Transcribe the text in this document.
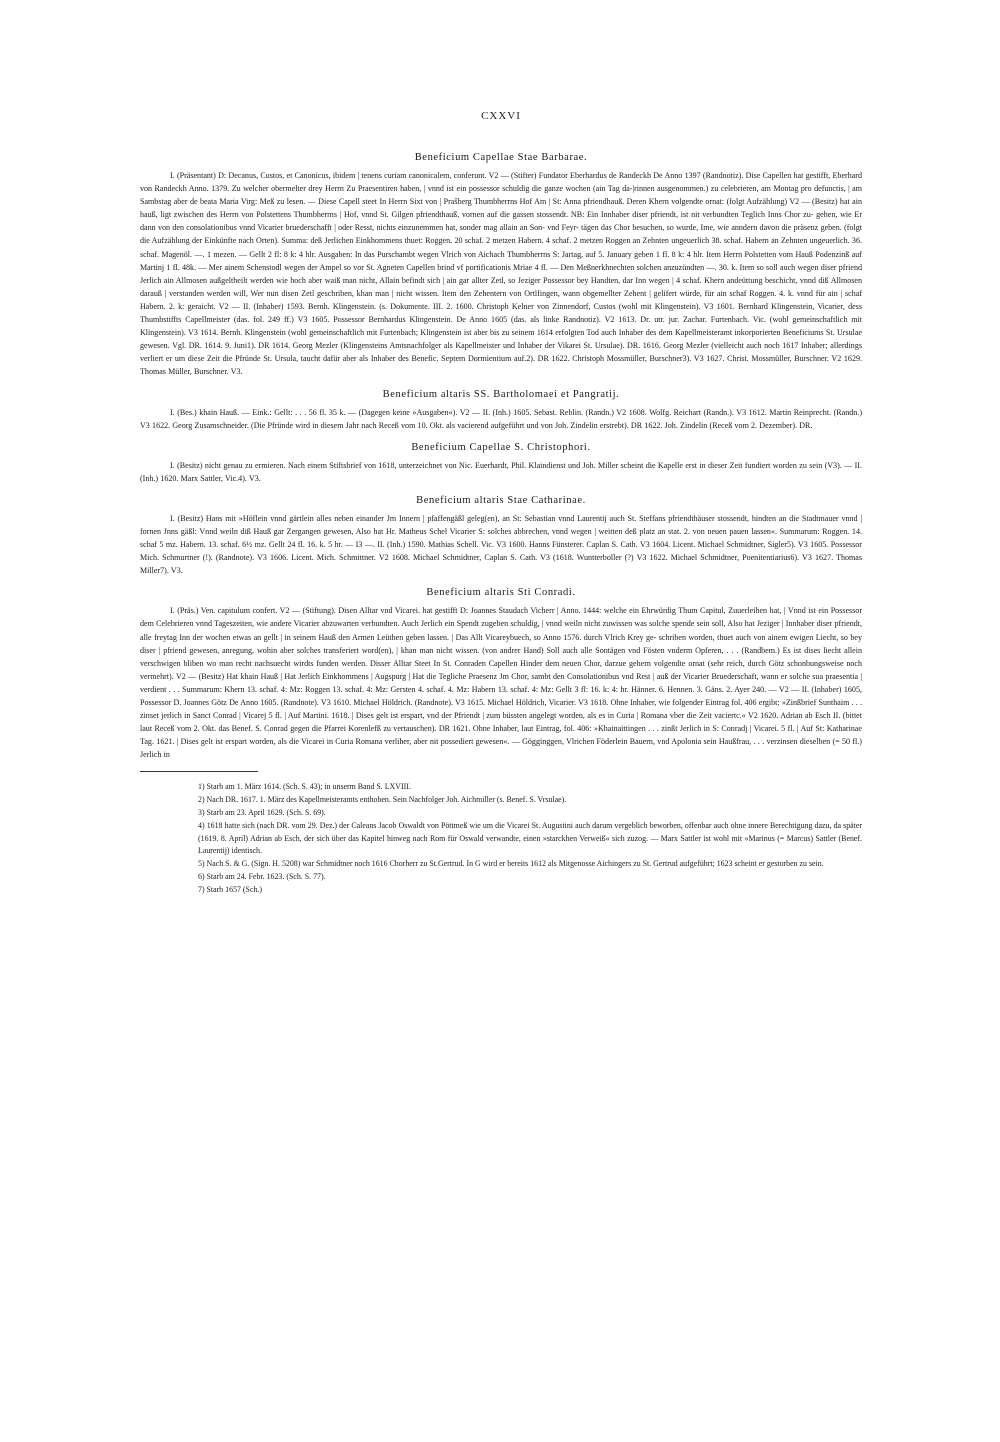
CXXVI
Beneficium Capellae Stae Barbarae.

I. (Präsentant) D: Decanus, Custos, et Canonicus, ibidem | tenens curiam canonicalem, conferunt. V2 — (Stifter) Fundator Eberhardus de Randeckh De Anno 1397 (Randnotiz). Dise Capellen hat gestifft, Eberhard von Randeckh Anno. 1379. Zu welcher obermelter drey Herrn Zu Praesentiren haben, | vnnd ist ein possessor schuldig die ganze wochen (ain Tag da-|rinnen ausgenommen.) zu celebrieren, am Montag pro defunctis, | am Sambstag aber de beata Maria Virg: Meß zu lesen. — Diese Capell steet In Herrn Sixt von | Prašberg Thumbherrns Hof Am | St: Anna pfriendhauß. Deren Khern volgendte ornat: (folgt Aufzählung) V2 — (Besitz) hat ain hauß, ligt zwischen des Herrn von Polstettens Thumbherrns | Hof, vnnd St. Gilgen pfriendthauß, vornen auf die gassen stossendt. NB: Ein Innhaber diser pfriendt, ist nit verbundten Teglich Inns Chor zu- gehen, wie Er dann von den consolationibus vnnd Vicarier bruederschafft | oder Resst, nichts einzunemmen hat, sonder mag allain an Son- vnd Feyr- tägen das Chor besuchen, so wurde, Ime, wie anndern davon die präsenz geben. (folgt die Aufzählung der Einkünfte nach Orten). Summa: deß Jerlichen Einkhommens thuet: Roggen. 20 schaf. 2 metzen Habern. 4 schaf. 2 metzen Roggen an Zehnten ungeuerlich 38. schaf. Habern an Zehnten ungeuerlich. 36. schaf. Magenöl. —. 1 mezen. — Gellt 2 fl: 8 k: 4 hlr. Ausgaben: In das Purschambt wegen Vlrich von Aichach Thumbherrns S: Jartag, auf 5. January geben 1 fl. 8 k: 4 hlr. Item Herrn Polstetten vom Hauß Podenzinß auf Martinj 1 fl. 48k. — Mer ainem Schenstodl wegen der Ampel so vor St. Agneten Capellen brind vf portificationis Mriae 4 fl. — Den Meßnerkhnechten solchen anzuzündten —. 30. k. Item so soll auch wegen diser pfriend Jerlich ain Allmosen außgeltheilt werden wie hoch aber waiß man nicht, Allain befindt sich | ain gar allter Zetl, so Jeziger Possessor bey Handten, dar Inn wegen | 4 schaf. Khern andeüttung beschicht, vnnd diß Allmosen darauß | verstanden werden will, Wer nun disen Zetl geschriben, khan man | nicht wissen. Item den Zehentern von Ortlfingen, wann obgemellter Zehent | gelifert würde, für ain schaf Roggen. 4. k. vnnd für ain | schaf Habern. 2. k: geraicht. V2 — II. (Inhaber) 1593. Bernh. Klingenstein. (s. Dokumente. III. 2. 1600. Christoph Kelner von Zinnendorf, Custos (wohl mit Klingenstein). V3 1601. Bernhard Klingenstein, Vicarier, dess Thumbstiffts Capellmeister (das. fol. 249 ff.) V3 1605. Possessor Bernhardus Klingenstein. De Anno 1605 (das. als linke Randnotiz). V2 1613. Dr. utr. jur. Zachar. Furtenbach. Vic. (wohl gemeinschaftlich mit Klingenstein). V3 1614. Bernh. Klingenstein (wohl gemeinschaftlich mit Furtenbach; Klingenstein ist aber bis zu seinem 1614 erfolgten Tod auch Inhaber des dem Kapellmeisteramt inkorporierten Beneficiums St. Ursulae gewesen. Vgl. DR. 1614. 9. Juni1). DR 1614. Georg Mezler (Klingensteins Amtsnachfolger als Kapellmeister und Inhaber der Vikarei St. Ursulae). DR. 1616. Georg Mezler (vielleicht auch noch 1617 Inhaber; allerdings verliert er um diese Zeit die Pfründe St. Ursula, taucht dafür aber als Inhaber des Benefic. Septem Dormientium auf.2). DR 1622. Christoph Mossmüller, Burschner3). V3 1627. Christ. Mossmüller, Burschner. V2 1629. Thomas Müller, Burschner. V3.

Beneficium altaris SS. Bartholomaei et Pangratij.

I. (Bes.) khain Hauß. — Eink.: Gellt: . . . 56 fl. 35 k. — (Dagegen keine »Ausgaben«). V2 — II. (Inh.) 1605. Sebast. Reblin. (Randn.) V2 1608. Wolfg. Reichart (Randn.). V3 1612. Martin Reinprecht. (Randn.) V3 1622. Georg Zusamschneider. (Die Pfründe wird in diesem Jahr nach Receß vom 10. Okt. als vacierend aufgeführt und von Joh. Zindelin erstrebt). DR 1622. Joh. Zindelin (Receß vom 2. Dezember). DR.

Beneficium Capellae S. Christophori.

I. (Besitz) nicht genau zu ermieren. Nach einem Stiftsbrief von 1618, unterzeichnet von Nic. Euerhardt, Phil. Klaindienst und Joh. Miller scheint die Kapelle erst in dieser Zeit fundiert worden zu sein (V3). — II. (Inh.) 1620. Marx Sattler, Vic.4). V3.

Beneficium altaris Stae Catharinae.

I. (Besitz) Hans mit »Höflein vnnd gärtlein alles neben einander Jm Innern | pfaffengäßl geleg(en), an St: Sebastian vnnd Laurentij auch St. Steffans pfriendthäuser stossendt, hindten an die Stadtmauer vnnd | fornen Jnns gäßl: Vnnd weiln diß Hauß gar Zergangen gewesen, Also hat Hr. Matheus Schel Vicarier S: solches abbrechen, vnnd wegen | weitten deß platz an stat. 2. von neuen pauen lassen«. Summarum: Roggen. 14. schaf 5 mz. Habern. 13. schaf. 6½ mz. Gellt 24 fl. 16. k. 5 hr. — I3 —. II. (Inh.) 1590. Mathias Schell. Vic. V3 1600. Hanns Fünsterer. Caplan S. Cath. V3 1604. Licent. Michael Schmidtner, Sigler5). V3 1605. Possessor Mich. Schmurtner (!). (Randnote). V3 1606. Licent. Mich. Schmittner. V2 1608. Michael Schmidtner, Caplan S. Cath. V3 (1618. Wuntterboller (?) V3 1622. Michael Schmidtner, Poenitentiarius6). V3 1627. Thomas Miller7). V3.

Beneficium altaris Sti Conradi.

I. (Präs.) Ven. capitulum confert. V2 — (Stiftung). Disen Alltar vnd Vicarei. hat gestifft D: Joannes Staudach Vicherr | Anno. 1444: welche ein Ehrwürdig Thum Capitul, Zuuerleihen hat, | Vnnd ist ein Possessor dem Celebrieren vnnd Tageszeiten, wie andere Vicarier abzuwarten verbundten. Auch Jerlich ein Spendt zugeben schuldig, | vnnd weiln nicht zuwissen was solche spende sein soll, Also hat Jeziger | Innhaber diser pfriendt, alle freytag Inn der wochen etwas an gellt | in seinem Hauß den Armen Leüthen geben lassen. | Das Allt Vicareybuech, so Anno 1576. durch Vlrich Krey ge- schriben worden, thuet auch von ainem ewigen Liecht, so bey diser | pfriend gewesen, anregung, wohin aber solches transferiert word(en), | khan man nicht wissen. (von andrer Hand) Soll auch alle Sontägen vnd Fösten vnderm Opferen, . . . (Randbem.) Es ist dises liecht allein verschwigen bliben wo man recht nachsuecht wirdts funden werden. Disser Alltar Steet In St. Conraden Capellen Hinder dem neuen Chor, darzue gehern volgendte ornat (sehr reich, durch Götz schonbungsweise noch vermehrt). V2 — (Besitz) Hat khain Hauß | Hat Jerlich Einkhommens | Augspurg | Hat die Tegliche Praesenz Jm Chor, sambt den Consolationibus vnd Rest | auß der Vicarier Bruederschaft, wann er solche sua praesentia | verdient . . . Summarum: Khern 13. schaf. 4: Mz: Roggen 13. schaf. 4: Mz: Gersten 4. schaf. 4. Mz: Habern 13. schaf. 4: Mz: Gellt 3 fl: 16. k: 4: hr. Hänner. 6. Hennen. 3. Gäns. 2. Ayer 240. — V2 — II. (Inhaber) 1605, Possessor D. Joannes Götz De Anno 1605. (Randnote). V3 1610. Michael Höldrich. (Randnote). V3 1615. Michael Höldrich, Vicarier. V3 1618. Ohne Inhaber, wie folgender Eintrag fol. 406 ergibt: »Zinßbrief Sunthaim . . . zinset jerlich in Sanct Conrad | Vicarej 5 fl. | Auf Martini. 1618. | Dises gelt ist erspart, vnd der Pfriendt | zum büssten angelegt worden, als es in Curia | Romana vber die Zeit vaciertc.« V2 1620. Adrian ab Esch II. (bittet laut Receß vom 2. Okt. das Benef. S. Conrad gegen die Pfarrei Korenlefß zu vertauschen). DR 1621. Ohne Inhaber, laut Eintrag, fol. 406: »Khainaittingen . . . zinßt Jerlich in S: Conradj | Vicarei. 5 fl. | Auf St: Katharinae Tag. 1621. | Dises gelt ist erspart worden, als die Vicarei in Curia Romana verliher, aber nit possediert gewesen«. — Gögginggen, Vlrichen Föderlein Bauern, vnd Apolonia sein Haußfrau, . . . verzinsen dieselben (= 50 fl.) Jerlich in

1) Starb am 1. März 1614. (Sch. S. 43); in unserm Band S. LXVIII.

2) Nach DR. 1617. 1. März des Kapellmeisteramts enthoben. Sein Nachfolger Joh. Aichmiller (s. Benef. S. Vrsulae).

3) Starb am 23. April 1629. (Sch. S. 69).

4) 1618 hatte sich (nach DR. vom 29. Dez.) der Caleans Jacob Oswaldt von Pöttmeß wie um die Vicarei St. Augustini auch darum vergeblich beworben, offenbar auch ohne innere Berechtigung dazu, da später (1619. 8. April) Adrian ab Esch, der sich über das Kapitel hinweg nach Rom für Oswald verwandte, einen »starckhen Verweiß« sich zuzog. — Marx Sattler ist wohl mit »Marinus (= Marcus) Sattler (Benef. Laurentij) identisch.

5) Nach S. & G. (Sign. H. 5208) war Schmidtner noch 1616 Chorherr zu St.Gertrud. In G wird er bereits 1612 als Mitgenosse Aichingers zu St. Gertrud aufgeführt; 1623 scheint er gestorben zu sein.

6) Starb am 24. Febr. 1623. (Sch. S. 77).

7) Starb 1657 (Sch.)
